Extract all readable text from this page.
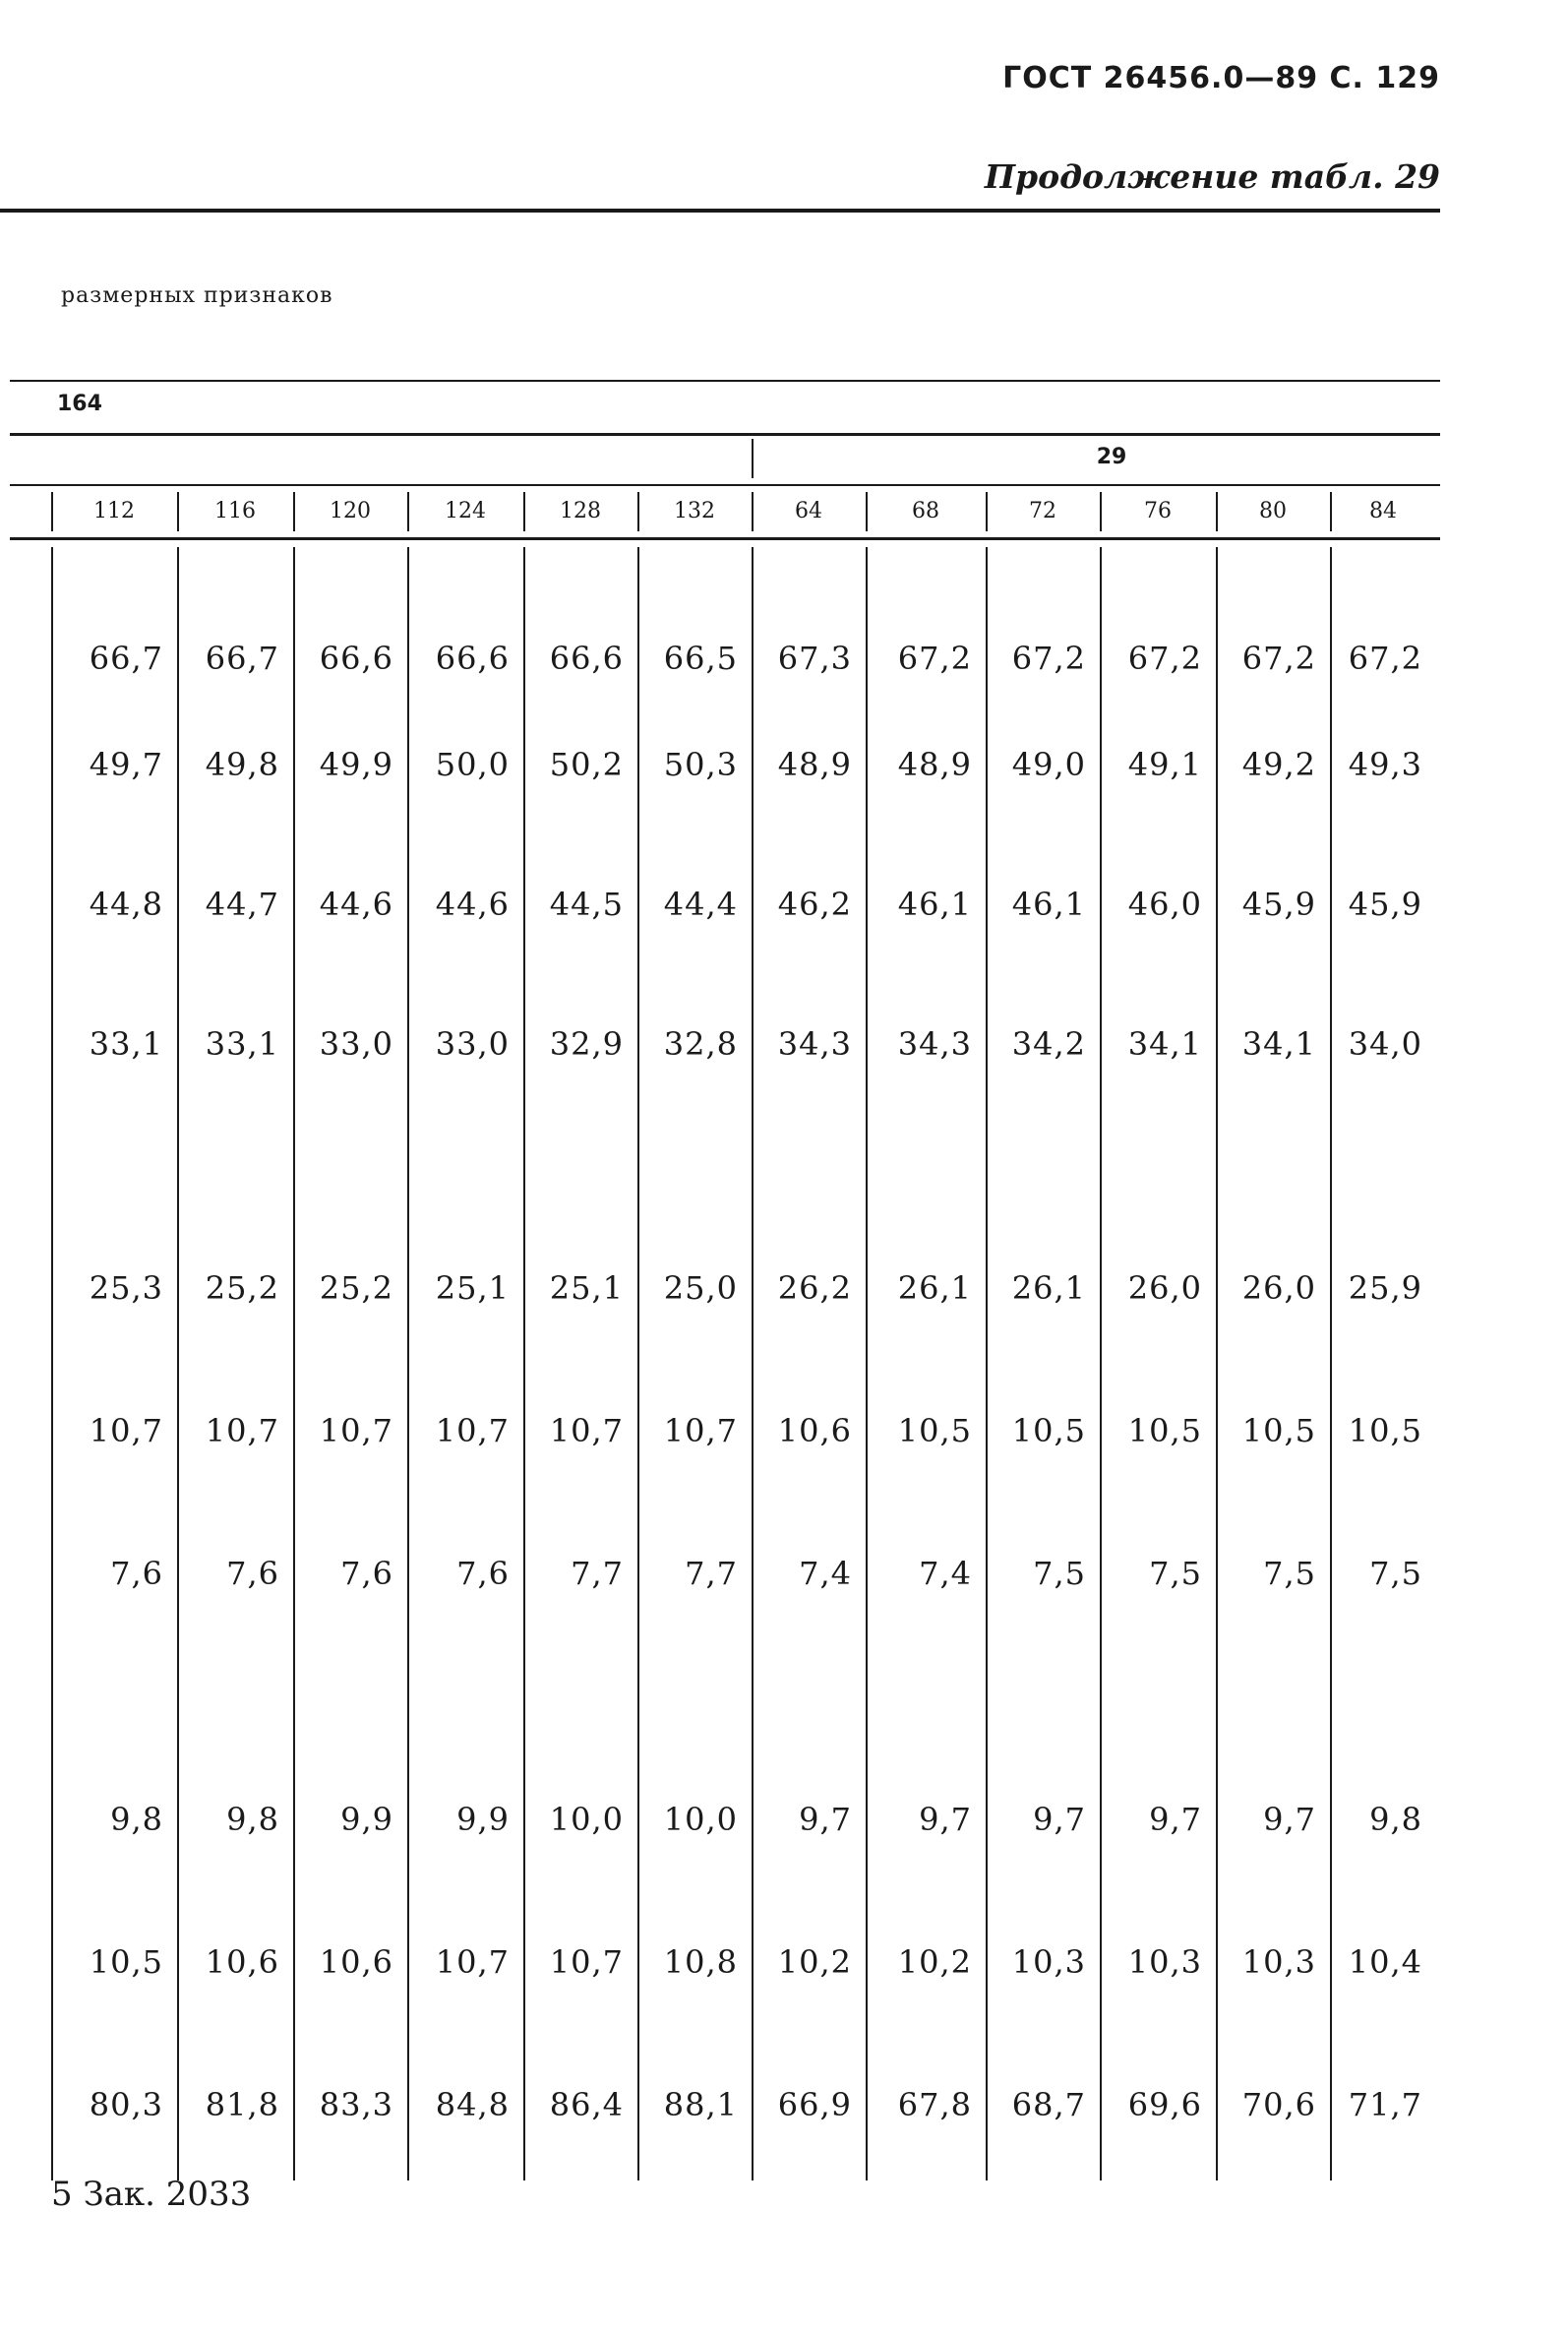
ГОСТ 26456.0—89 С. 129
Продолжение табл. 29
размерных признаков
164
29
112	116	120	124	128	132	64	68	72	76	80	84
66,7	66,7	66,6	66,6	66,6	66,5	67,3	67,2	67,2	67,2	67,2	67,2
49,7	49,8	49,9	50,0	50,2	50,3	48,9	48,9	49,0	49,1	49,2	49,3
44,8	44,7	44,6	44,6	44,5	44,4	46,2	46,1	46,1	46,0	45,9	45,9
33,1	33,1	33,0	33,0	32,9	32,8	34,3	34,3	34,2	34,1	34,1	34,0
25,3	25,2	25,2	25,1	25,1	25,0	26,2	26,1	26,1	26,0	26,0	25,9
10,7	10,7	10,7	10,7	10,7	10,7	10,6	10,5	10,5	10,5	10,5	10,5
7,6	7,6	7,6	7,6	7,7	7,7	7,4	7,4	7,5	7,5	7,5	7,5
9,8	9,8	9,9	9,9	10,0	10,0	9,7	9,7	9,7	9,7	9,7	9,8
10,5	10,6	10,6	10,7	10,7	10,8	10,2	10,2	10,3	10,3	10,3	10,4
80,3	81,8	83,3	84,8	86,4	88,1	66,9	67,8	68,7	69,6	70,6	71,7
5 Зак. 2033
